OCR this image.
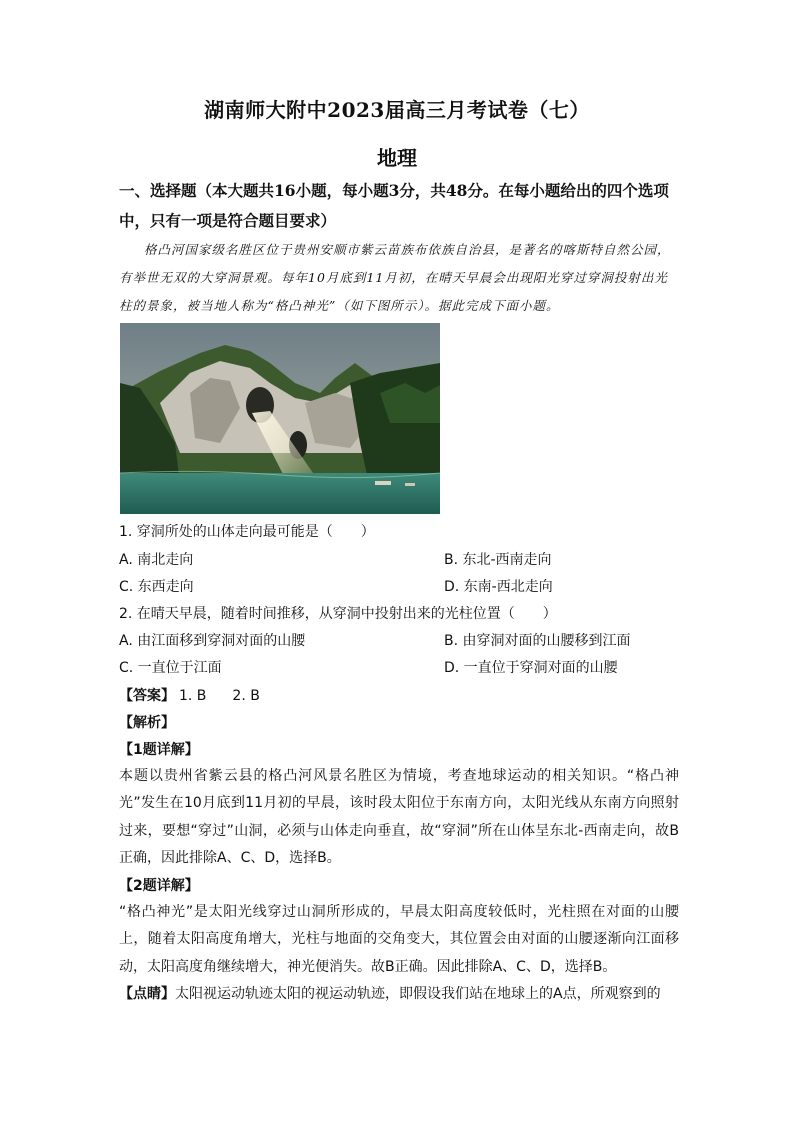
湖南师大附中2023届高三月考试卷（七）
地理
一、选择题（本大题共16小题，每小题3分，共48分。在每小题给出的四个选项中，只有一项是符合题目要求）
格凸河国家级名胜区位于贵州安顺市紫云苗族布依族自治县，是著名的喀斯特自然公园，有举世无双的大穿洞景观。每年10月底到11月初，在晴天早晨会出现阳光穿过穿洞投射出光柱的景象，被当地人称为“格凸神光”（如下图所示）。据此完成下面小题。
1. 穿洞所处的山体走向最可能是（　　）
A. 南北走向	B. 东北-西南走向
C. 东西走向	D. 东南-西北走向
2. 在晴天早晨，随着时间推移，从穿洞中投射出来的光柱位置（　　）
A. 由江面移到穿洞对面的山腰	B. 由穿洞对面的山腰移到江面
C. 一直位于江面	D. 一直位于穿洞对面的山腰
【答案】 1. B 2. B
【解析】
【1题详解】
本题以贵州省紫云县的格凸河风景名胜区为情境，考查地球运动的相关知识。“格凸神光”发生在10月底到11月初的早晨，该时段太阳位于东南方向，太阳光线从东南方向照射过来，要想“穿过”山洞，必须与山体走向垂直，故“穿洞”所在山体呈东北-西南走向，故B正确，因此排除A、C、D，选择B。
【2题详解】
“格凸神光”是太阳光线穿过山洞所形成的，早晨太阳高度较低时，光柱照在对面的山腰上，随着太阳高度角增大，光柱与地面的交角变大，其位置会由对面的山腰逐渐向江面移动，太阳高度角继续增大，神光便消失。故B正确。因此排除A、C、D，选择B。
【点睛】太阳视运动轨迹太阳的视运动轨迹，即假设我们站在地球上的A点，所观察到的
